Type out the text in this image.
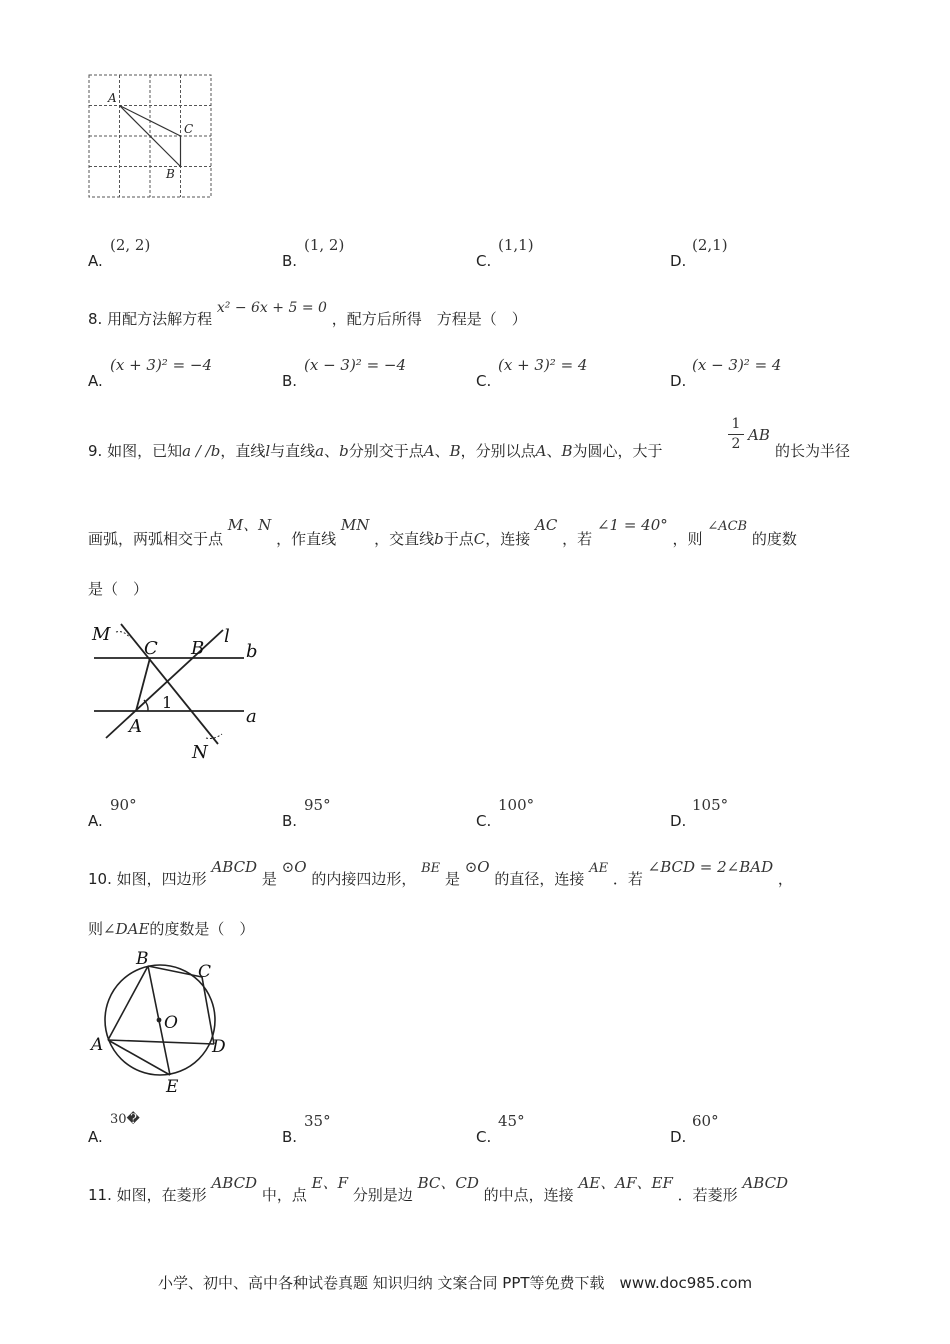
A
C
B
A.
(2, 2)
B.
(1, 2)
C.
(1,1)
D.
(2,1)
8. 用配方法解方程 x² − 6x + 5 = 0 ，配方后所得　方程是（　）
A.
(x + 3)² = −4
B.
(x − 3)² = −4
C.
(x + 3)² = 4
D.
(x − 3)² = 4
9. 如图，已知a / /b，直线l与直线a、b分别交于点A、B，分别以点A、B为圆心，大于
1
2 AB
的长为半径
画弧，两弧相交于点 M、N ，作直线 MN ，交直线b于点C，连接 AC ，若 ∠1 = 40° ，则 ∠ACB 的度数
是（　）
M
C B
l
b
1
A	a
N
A.
90°
B.
95°
C.
100°
D.
105°
10. 如图，四边形 ABCD 是 ⊙O 的内接四边形， BE 是 ⊙O 的直径，连接 AE ．若 ∠BCD = 2∠BAD ，
则∠DAE的度数是（　）
B
C
O
A	D
E
A.
30�
B.
35°
C.
45°
D.
60°
11. 如图，在菱形 ABCD 中，点 E、F 分别是边 BC、CD 的中点，连接 AE、AF、EF ．若菱形 ABCD
小学、初中、高中各种试卷真题 知识归纳 文案合同 PPT等免费下载　www.doc985.com
